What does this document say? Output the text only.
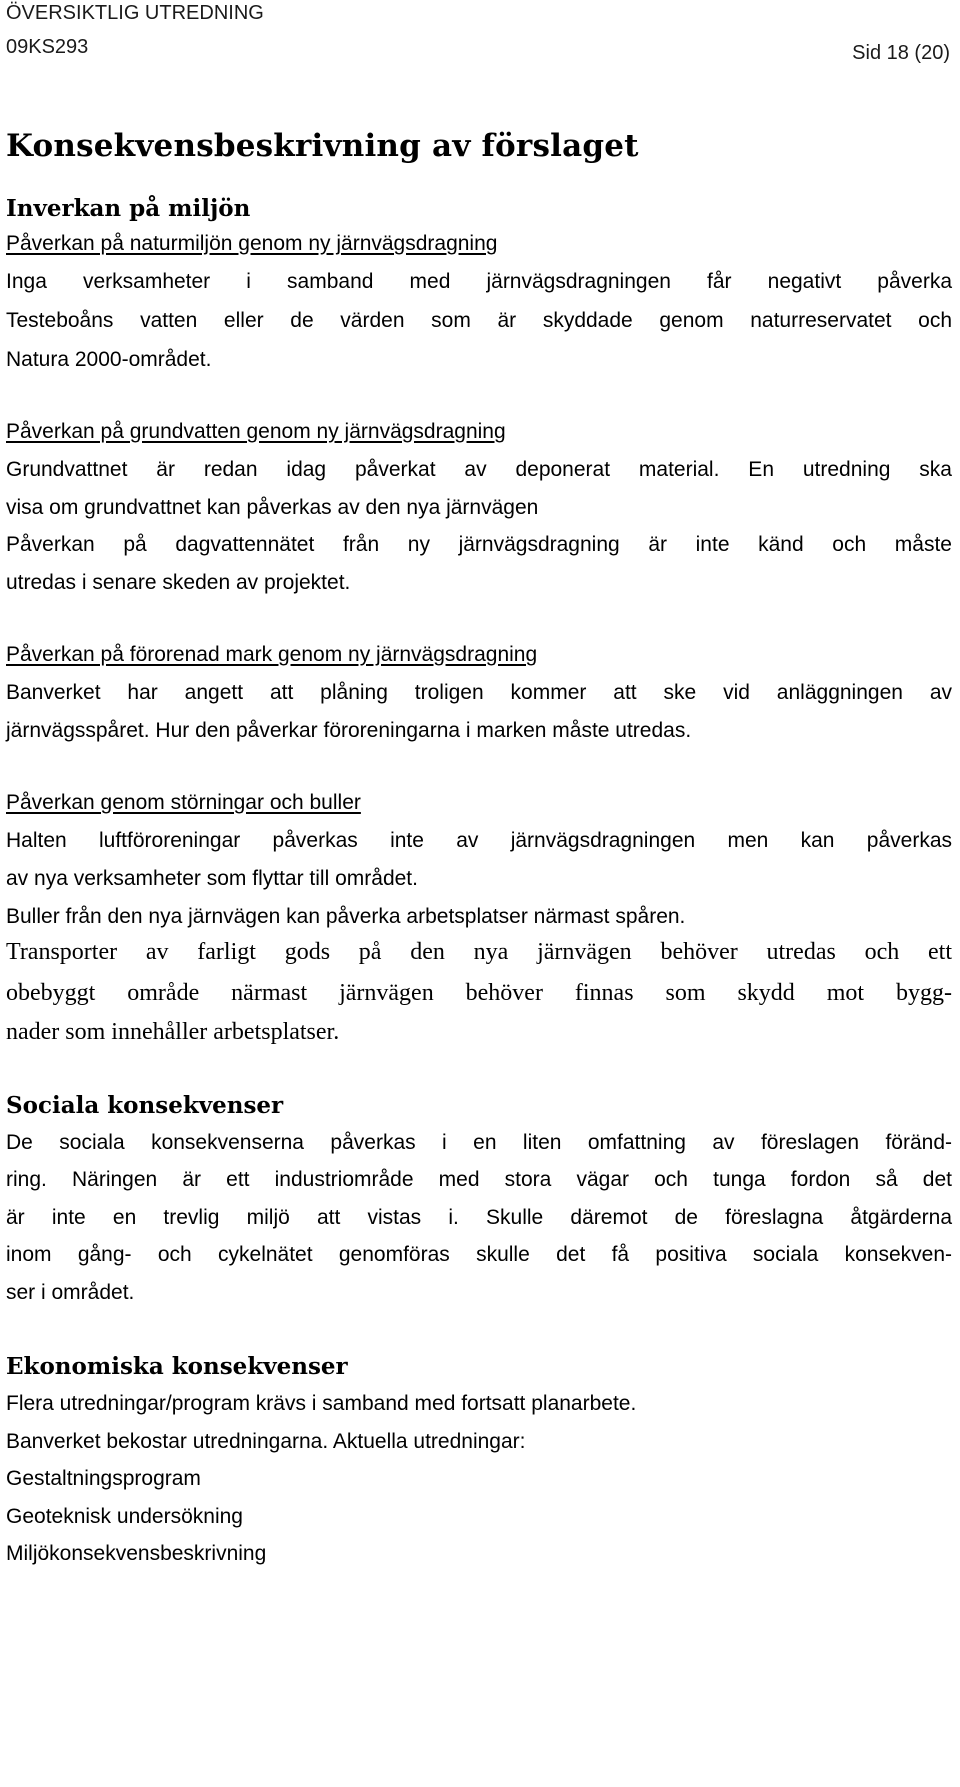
ÖVERSIKTLIG UTREDNING
09KS293	Sid 18 (20)
Konsekvensbeskrivning av förslaget
Inverkan på miljön
Påverkan på naturmiljön genom ny järnvägsdragning
Inga verksamheter i samband med järnvägsdragningen får negativt påverka
Testeboåns vatten eller de värden som är skyddade genom naturreservatet och
Natura 2000-området.
Påverkan på grundvatten genom ny järnvägsdragning
Grundvattnet är redan idag påverkat av deponerat material. En utredning ska
visa om grundvattnet kan påverkas av den nya järnvägen
Påverkan på dagvattennätet från ny järnvägsdragning är inte känd och måste
utredas i senare skeden av projektet.
Påverkan på förorenad mark genom ny järnvägsdragning
Banverket har angett att plåning troligen kommer att ske vid anläggningen av
järnvägsspåret. Hur den påverkar föroreningarna i marken måste utredas.
Påverkan genom störningar och buller
Halten luftföroreningar påverkas inte av järnvägsdragningen men kan påverkas
av nya verksamheter som flyttar till området.
Buller från den nya järnvägen kan påverka arbetsplatser närmast spåren.
Transporter av farligt gods på den nya järnvägen behöver utredas och ett
obebyggt område närmast järnvägen behöver finnas som skydd mot bygg-
nader som innehåller arbetsplatser.
Sociala konsekvenser
De sociala konsekvenserna påverkas i en liten omfattning av föreslagen föränd-
ring. Näringen är ett industriområde med stora vägar och tunga fordon så det
är inte en trevlig miljö att vistas i. Skulle däremot de föreslagna åtgärderna
inom gång- och cykelnätet genomföras skulle det få positiva sociala konsekven-
ser i området.
Ekonomiska konsekvenser
Flera utredningar/program krävs i samband med fortsatt planarbete.
Banverket bekostar utredningarna. Aktuella utredningar:
Gestaltningsprogram
Geoteknisk undersökning
Miljökonsekvensbeskrivning
